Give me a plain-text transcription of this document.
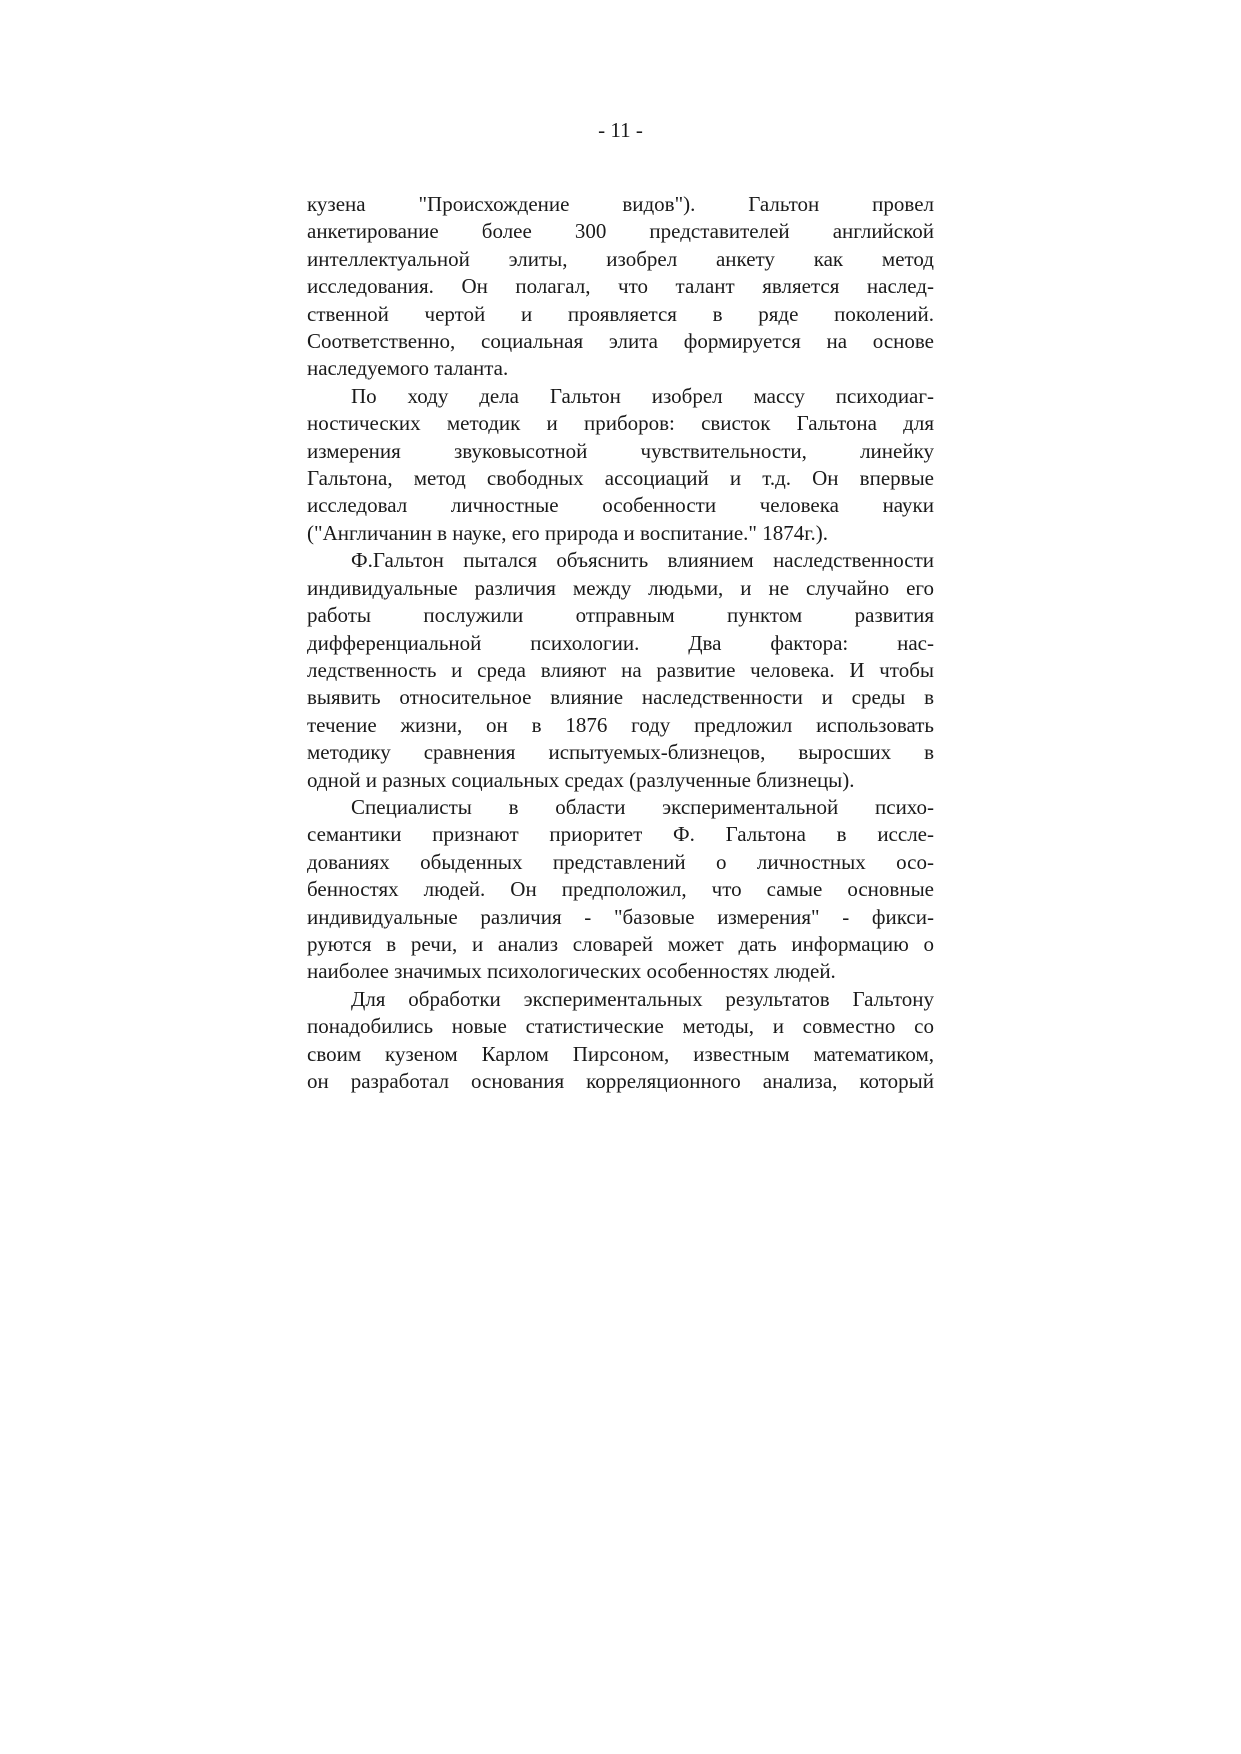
- 11 -
кузена "Происхождение видов"). Гальтон провел
анкетирование более 300 представителей английской
интеллектуальной элиты, изобрел анкету как метод
исследования. Он полагал, что талант является наслед-
ственной чертой и проявляется в ряде поколений.
Соответственно, социальная элита формируется на основе
наследуемого таланта.
По ходу дела Гальтон изобрел массу психодиаг-
ностических методик и приборов: свисток Гальтона для
измерения звуковысотной чувствительности, линейку
Гальтона, метод свободных ассоциаций и т.д. Он впервые
исследовал личностные особенности человека науки
("Англичанин в науке, его природа и воспитание." 1874г.).
Ф.Гальтон пытался объяснить влиянием наследственности
индивидуальные различия между людьми, и не случайно его
работы послужили отправным пунктом развития
дифференциальной психологии. Два фактора: нас-
ледственность и среда влияют на развитие человека. И чтобы
выявить относительное влияние наследственности и среды в
течение жизни, он в 1876 году предложил использовать
методику сравнения испытуемых-близнецов, выросших в
одной и разных социальных средах (разлученные близнецы).
Специалисты в области экспериментальной психо-
семантики признают приоритет Ф. Гальтона в иссле-
дованиях обыденных представлений о личностных осо-
бенностях людей. Он предположил, что самые основные
индивидуальные различия - "базовые измерения" - фикси-
руются в речи, и анализ словарей может дать информацию о
наиболее значимых психологических особенностях людей.
Для обработки экспериментальных результатов Гальтону
понадобились новые статистические методы, и совместно со
своим кузеном Карлом Пирсоном, известным математиком,
он разработал основания корреляционного анализа, который
